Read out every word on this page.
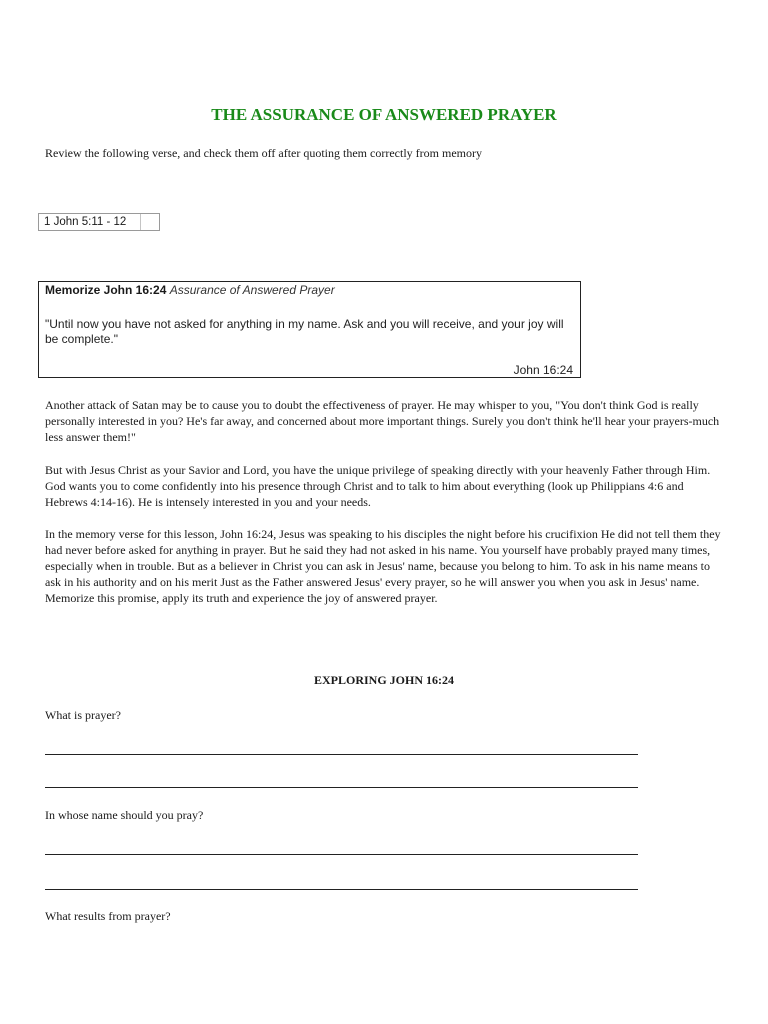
THE ASSURANCE OF ANSWERED PRAYER
Review the following verse, and check them off after quoting them correctly from memory
1 John 5:11 - 12
Memorize John 16:24 Assurance of Answered Prayer
"Until now you have not asked for anything in my name. Ask and you will receive, and your joy will be complete."
John 16:24

Another attack of Satan may be to cause you to doubt the effectiveness of prayer. He may whisper to you, "You don't think God is really personally interested in you? He's far away, and concerned about more important things. Surely you don't think he'll hear your prayers-much less answer them!"

But with Jesus Christ as your Savior and Lord, you have the unique privilege of speaking directly with your heavenly Father through Him. God wants you to come confidently into his presence through Christ and to talk to him about everything (look up Philippians 4:6 and Hebrews 4:14-16). He is intensely interested in you and your needs.

In the memory verse for this lesson, John 16:24, Jesus was speaking to his disciples the night before his crucifixion He did not tell them they had never before asked for anything in prayer. But he said they had not asked in his name. You yourself have probably prayed many times, especially when in trouble. But as a believer in Christ you can ask in Jesus' name, because you belong to him. To ask in his name means to ask in his authority and on his merit Just as the Father answered Jesus' every prayer, so he will answer you when you ask in Jesus' name. Memorize this promise, apply its truth and experience the joy of answered prayer.

EXPLORING JOHN 16:24
What is prayer?
In whose name should you pray?
What results from prayer?
